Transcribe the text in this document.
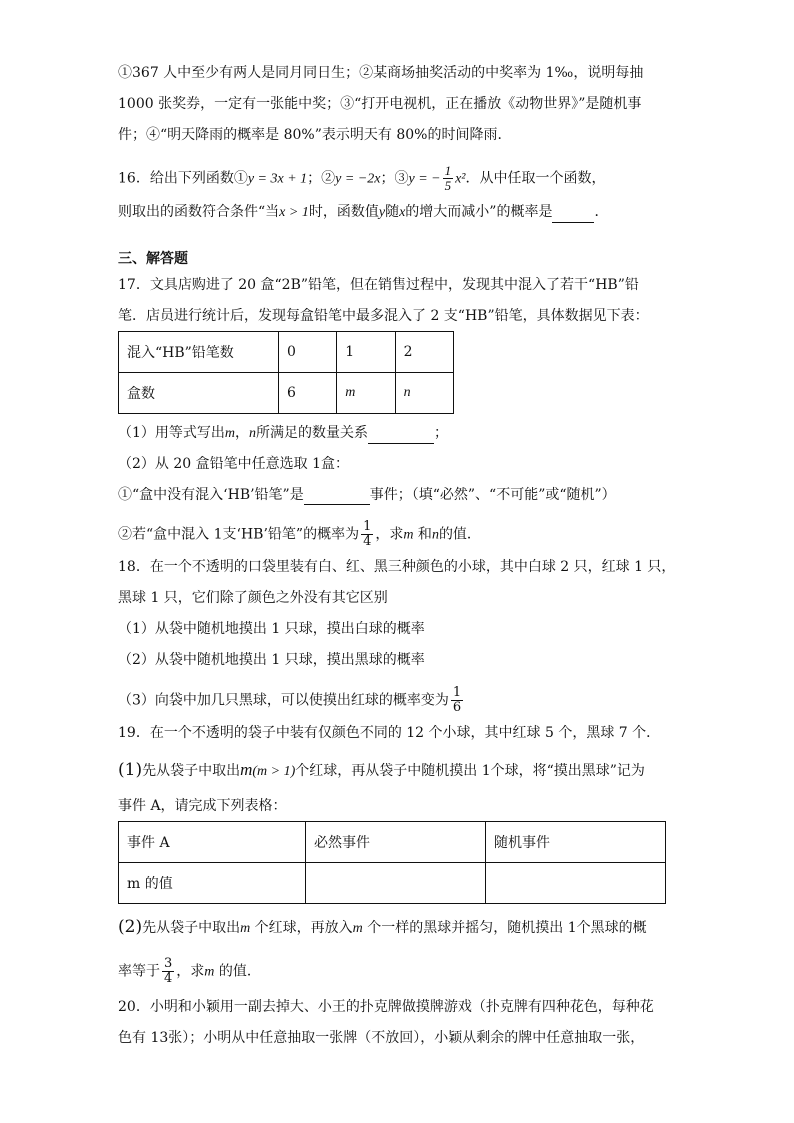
①367 人中至少有两人是同月同日生；②某商场抽奖活动的中奖率为 1‰，说明每抽
1000 张奖券，一定有一张能中奖；③“打开电视机，正在播放《动物世界》”是随机事
件；④“明天降雨的概率是 80%”表示明天有 80%的时间降雨．
16．给出下列函数①y = 3x + 1；②y = −2x；③y = − $\frac{1}{5} x^2$．从中任取一个函数，
则取出的函数符合条件“当x > 1时，函数值y随x的增大而减小”的概率是	．
三、解答题
17．文具店购进了 20 盒“2B”铅笔，但在销售过程中，发现其中混入了若干“HB”铅
笔．店员进行统计后，发现每盒铅笔中最多混入了 2 支“HB”铅笔，具体数据见下表：
混入“HB”铅笔数	0	1	2
盒数	6	m	n
（1）用等式写出m，n所满足的数量关系	；
（2）从 20 盒铅笔中任意选取 1盒：
①“盒中没有混入‘HB’铅笔”是	事件；（填“必然”、“不可能”或“随机”）
②若“盒中混入 1支‘HB’铅笔”的概率为 $\frac{1}{4}$ ，求m 和n的值．
18．在一个不透明的口袋里装有白、红、黑三种颜色的小球，其中白球 2 只，红球 1 只，
黑球 1 只，它们除了颜色之外没有其它区别
（1）从袋中随机地摸出 1 只球，摸出白球的概率
（2）从袋中随机地摸出 1 只球，摸出黑球的概率
（3）向袋中加几只黑球，可以使摸出红球的概率变为 $\frac{1}{6}$
19．在一个不透明的袋子中装有仅颜色不同的 12 个小球，其中红球 5 个，黑球 7 个．
(1)先从袋子中取出m(m > 1)个红球，再从袋子中随机摸出 1个球，将“摸出黑球”记为
事件 A，请完成下列表格：
事件 A	必然事件	随机事件
m 的值		
(2)先从袋子中取出m 个红球，再放入m 个一样的黑球并摇匀，随机摸出 1个黑球的概
率等于 $\frac{3}{4}$ ，求m 的值．
20．小明和小颖用一副去掉大、小王的扑克牌做摸牌游戏（扑克牌有四种花色，每种花
色有 13张）；小明从中任意抽取一张牌（不放回），小颖从剩余的牌中任意抽取一张，
